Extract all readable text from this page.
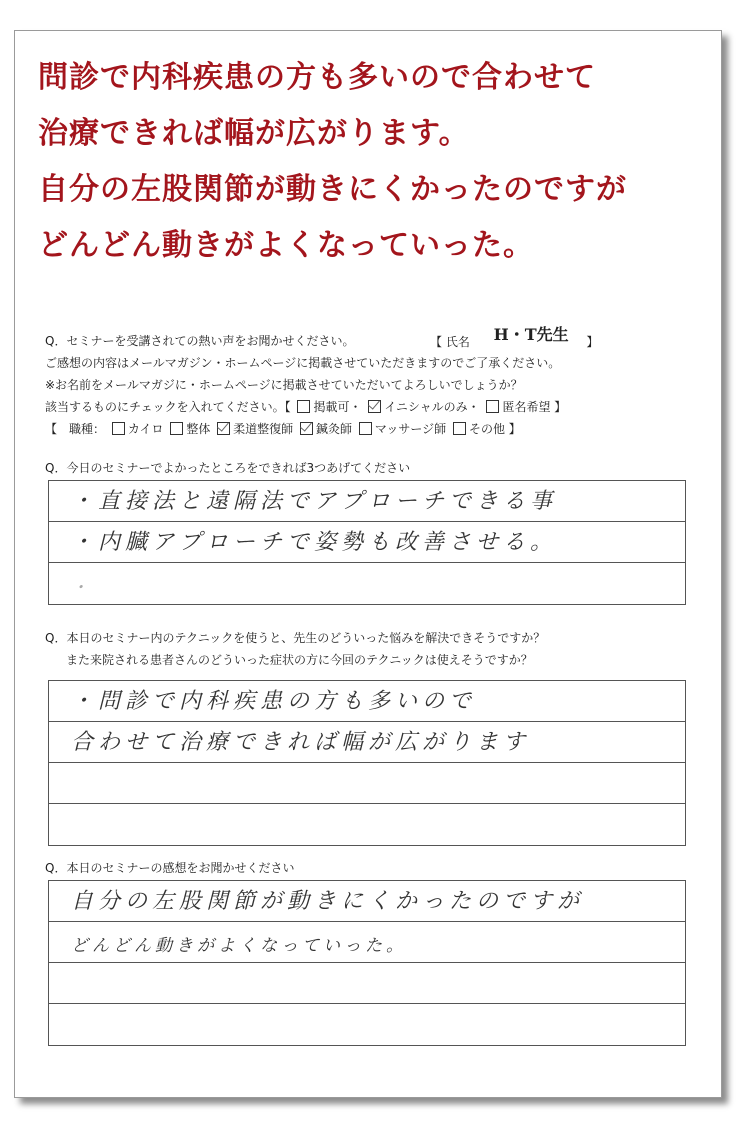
問診で内科疾患の方も多いので合わせて
治療できれば幅が広がります。
自分の左股関節が動きにくかったのですが
どんどん動きがよくなっていった。
Q．セミナーを受講されての熱い声をお聞かせください。	【 氏名 H・T先生 】
ご感想の内容はメールマガジン・ホームページに掲載させていただきますのでご了承ください。
※お名前をメールマガジに・ホームページに掲載させていただいてよろしいでしょうか？
該当するものにチェックを入れてください。【 掲載可・ イニシャルのみ・ 匿名希望 】
【　職種： カイロ 整体 柔道整復師 鍼灸師 マッサージ師 その他 】
Q．今日のセミナーでよかったところをできれば3つあげてください
・直接法と遠隔法でアプローチできる事
・内臓アプローチで姿勢も改善させる。
・
Q．本日のセミナー内のテクニックを使うと、先生のどういった悩みを解決できそうですか？
また来院される患者さんのどういった症状の方に今回のテクニックは使えそうですか？
・問診で内科疾患の方も多いので
合わせて治療できれば幅が広がります
Q．本日のセミナーの感想をお聞かせください
自分の左股関節が動きにくかったのですが
どんどん動きがよくなっていった。
